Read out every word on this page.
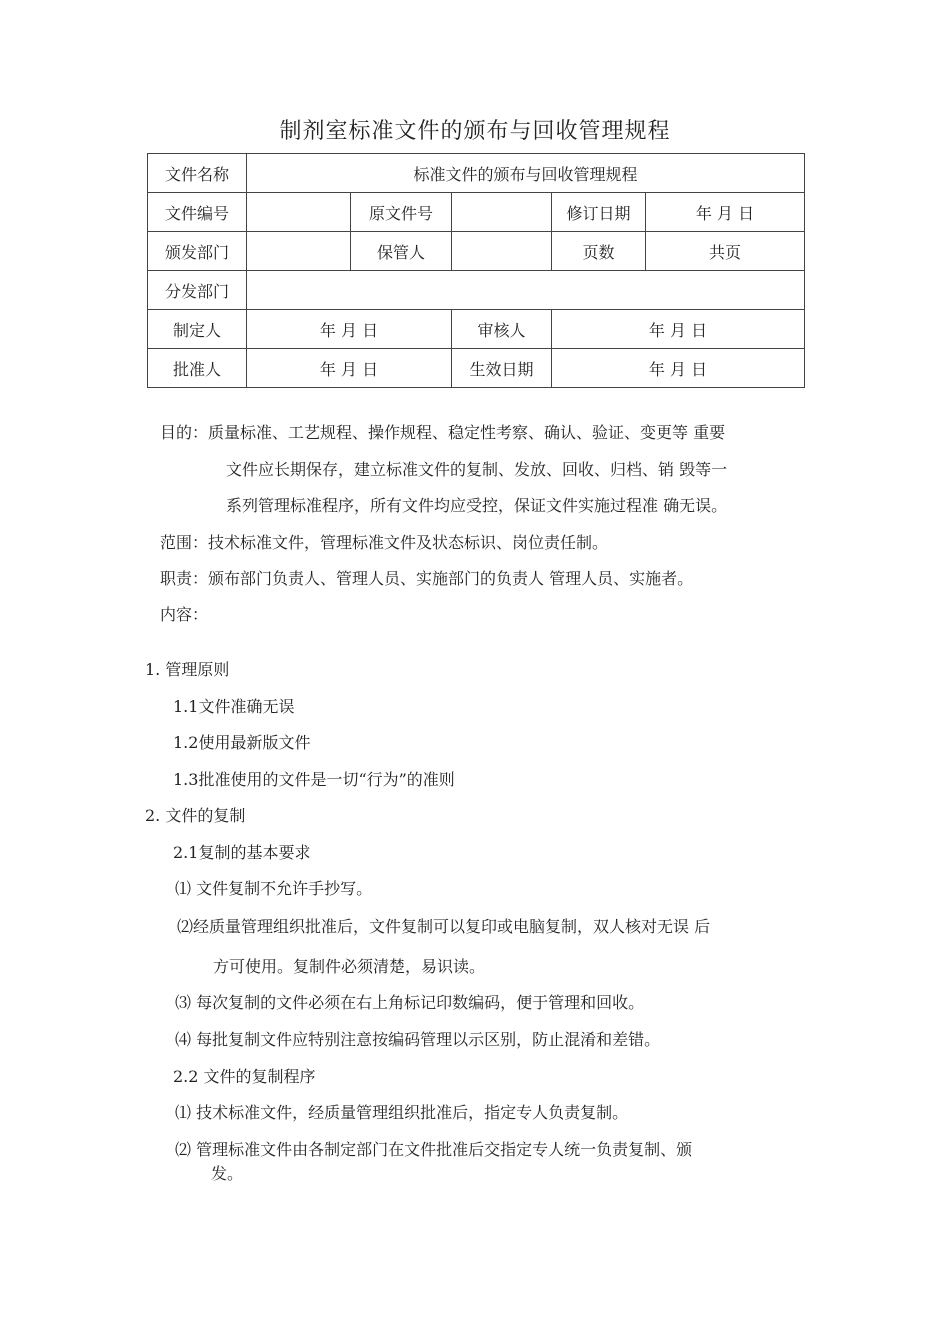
制剂室标准文件的颁布与回收管理规程
文件名称	标准文件的颁布与回收管理规程				
文件编号		原文件号		修订日期	年 月 日
颁发部门		保管人		页数	共页
分发部门					
制定人	年 月 日		审核人	年 月 日	
批准人	年 月 日		生效日期	年 月 日	
目的：质量标准、工艺规程、操作规程、稳定性考察、确认、验证、变更等 重要
文件应长期保存，建立标准文件的复制、发放、回收、归档、销 毁等一
系列管理标准程序，所有文件均应受控，保证文件实施过程准 确无误。
范围：技术标准文件，管理标准文件及状态标识、岗位责任制。
职责：颁布部门负责人、管理人员、实施部门的负责人 管理人员、实施者。
内容：
1. 管理原则
1.1文件准确无误
1.2使用最新版文件
1.3批准使用的文件是一切“行为”的准则
2. 文件的复制
2.1复制的基本要求
⑴ 文件复制不允许手抄写。
⑵经质量管理组织批准后，文件复制可以复印或电脑复制，双人核对无误 后
方可使用。复制件必须清楚，易识读。
⑶ 每次复制的文件必须在右上角标记印数编码，便于管理和回收。
⑷ 每批复制文件应特别注意按编码管理以示区别，防止混淆和差错。
2.2 文件的复制程序
⑴ 技术标准文件，经质量管理组织批准后，指定专人负责复制。
⑵ 管理标准文件由各制定部门在文件批准后交指定专人统一负责复制、颁
发。
